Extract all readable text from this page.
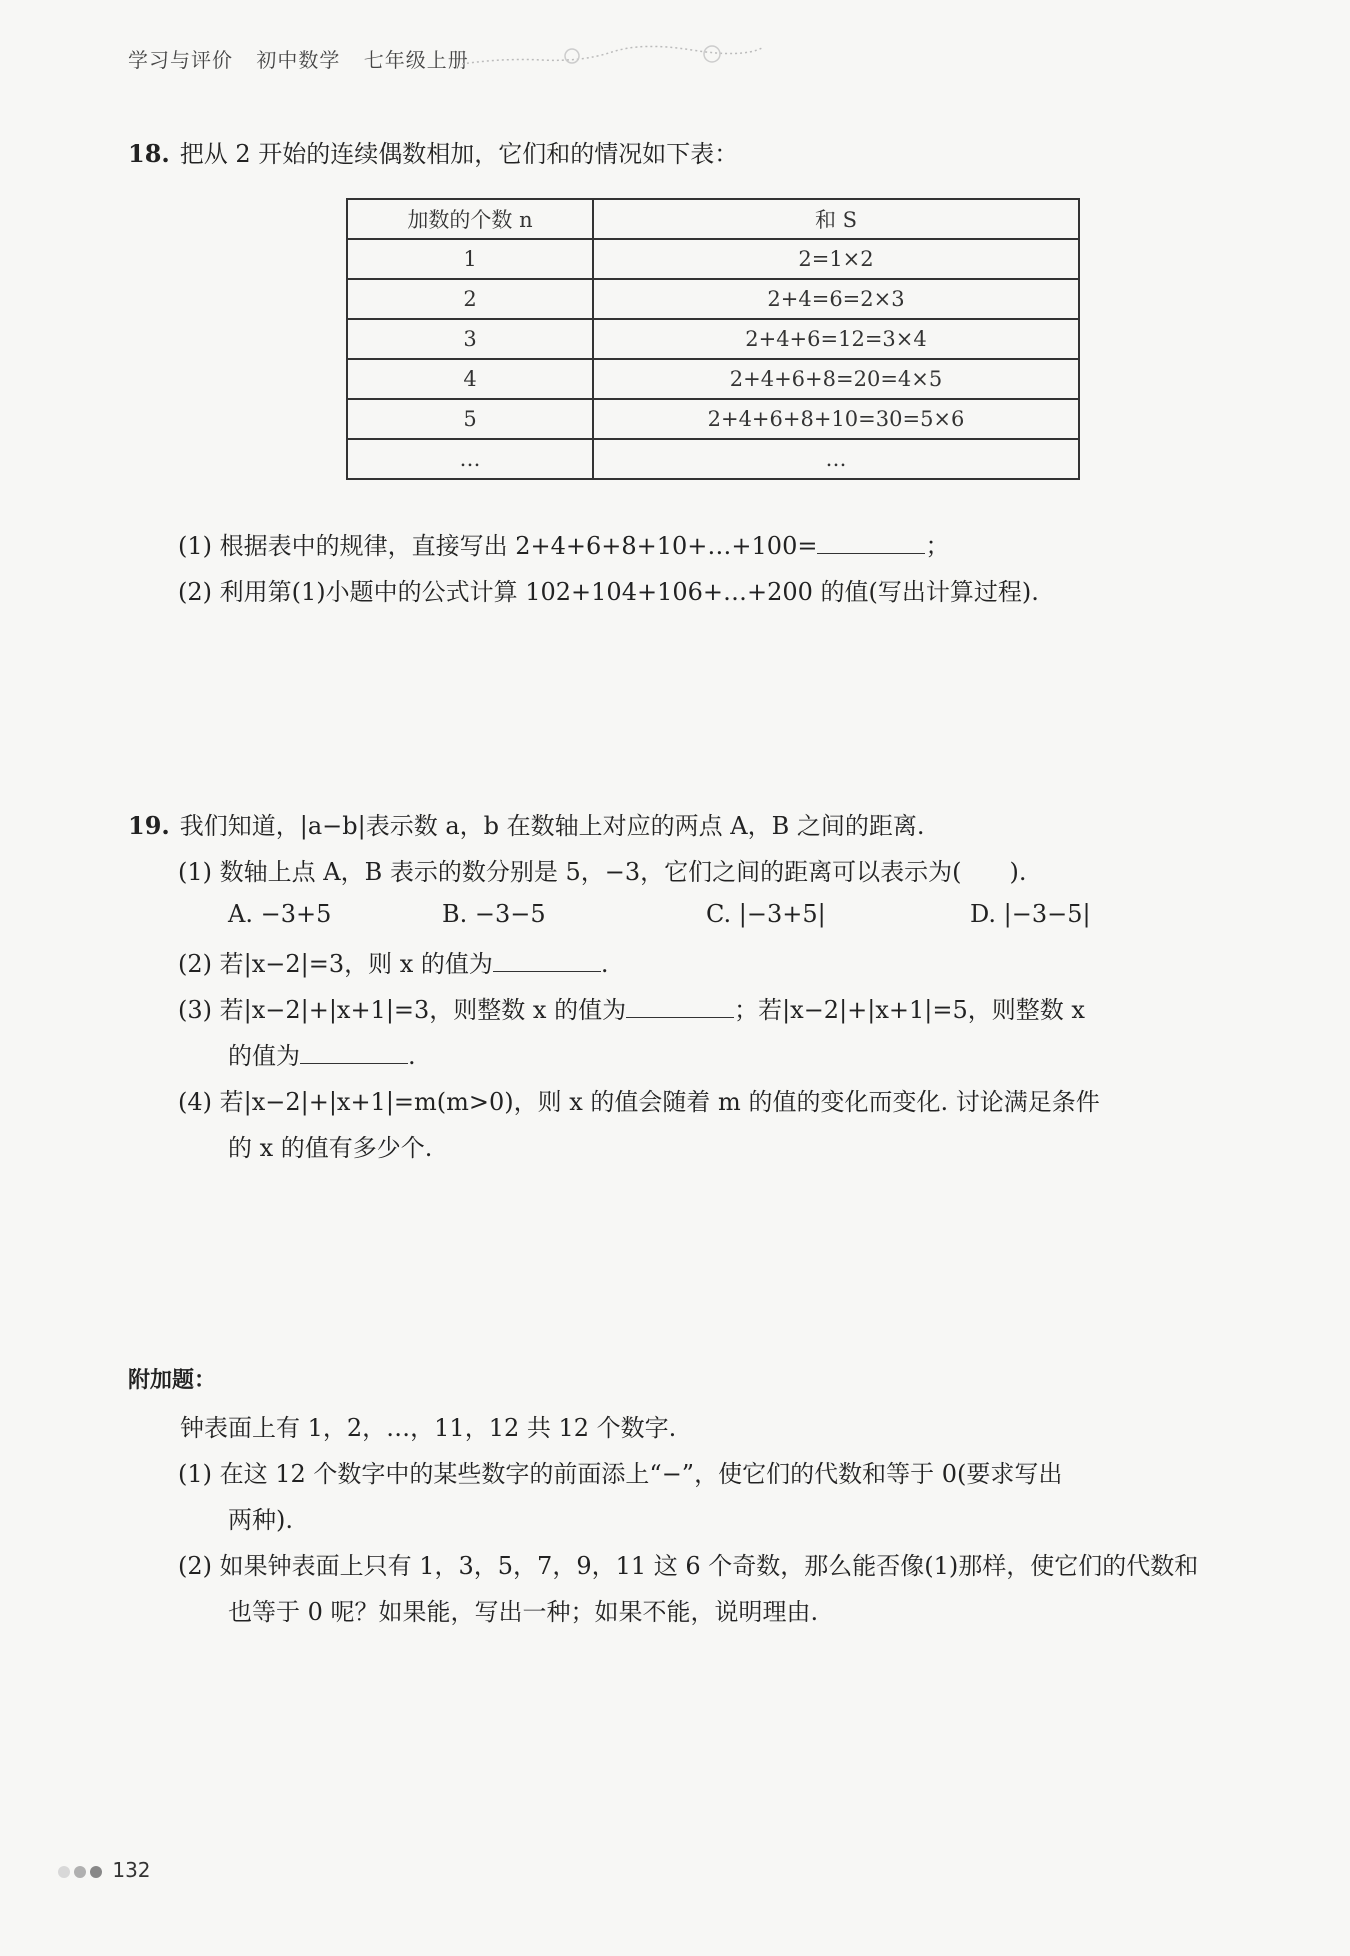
学习与评价 初中数学 七年级上册
18. 把从 2 开始的连续偶数相加，它们和的情况如下表：
加数的个数 n	和 S
1	2=1×2
2	2+4=6=2×3
3	2+4+6=12=3×4
4	2+4+6+8=20=4×5
5	2+4+6+8+10=30=5×6
…	…
(1) 根据表中的规律，直接写出 2+4+6+8+10+…+100=	；
(2) 利用第(1)小题中的公式计算 102+104+106+…+200 的值(写出计算过程).
19. 我们知道，|a−b|表示数 a，b 在数轴上对应的两点 A，B 之间的距离.
(1) 数轴上点 A，B 表示的数分别是 5，−3，它们之间的距离可以表示为(　　).
A. −3+5	B. −3−5	C. |−3+5|	D. |−3−5|
(2) 若|x−2|=3，则 x 的值为	.
(3) 若|x−2|+|x+1|=3，则整数 x 的值为	；若|x−2|+|x+1|=5，则整数 x
的值为	.
(4) 若|x−2|+|x+1|=m(m>0)，则 x 的值会随着 m 的值的变化而变化. 讨论满足条件
的 x 的值有多少个.
附加题：
钟表面上有 1，2，…，11，12 共 12 个数字.
(1) 在这 12 个数字中的某些数字的前面添上“−”，使它们的代数和等于 0(要求写出
两种).
(2) 如果钟表面上只有 1，3，5，7，9，11 这 6 个奇数，那么能否像(1)那样，使它们的代数和
也等于 0 呢？如果能，写出一种；如果不能，说明理由.
132
